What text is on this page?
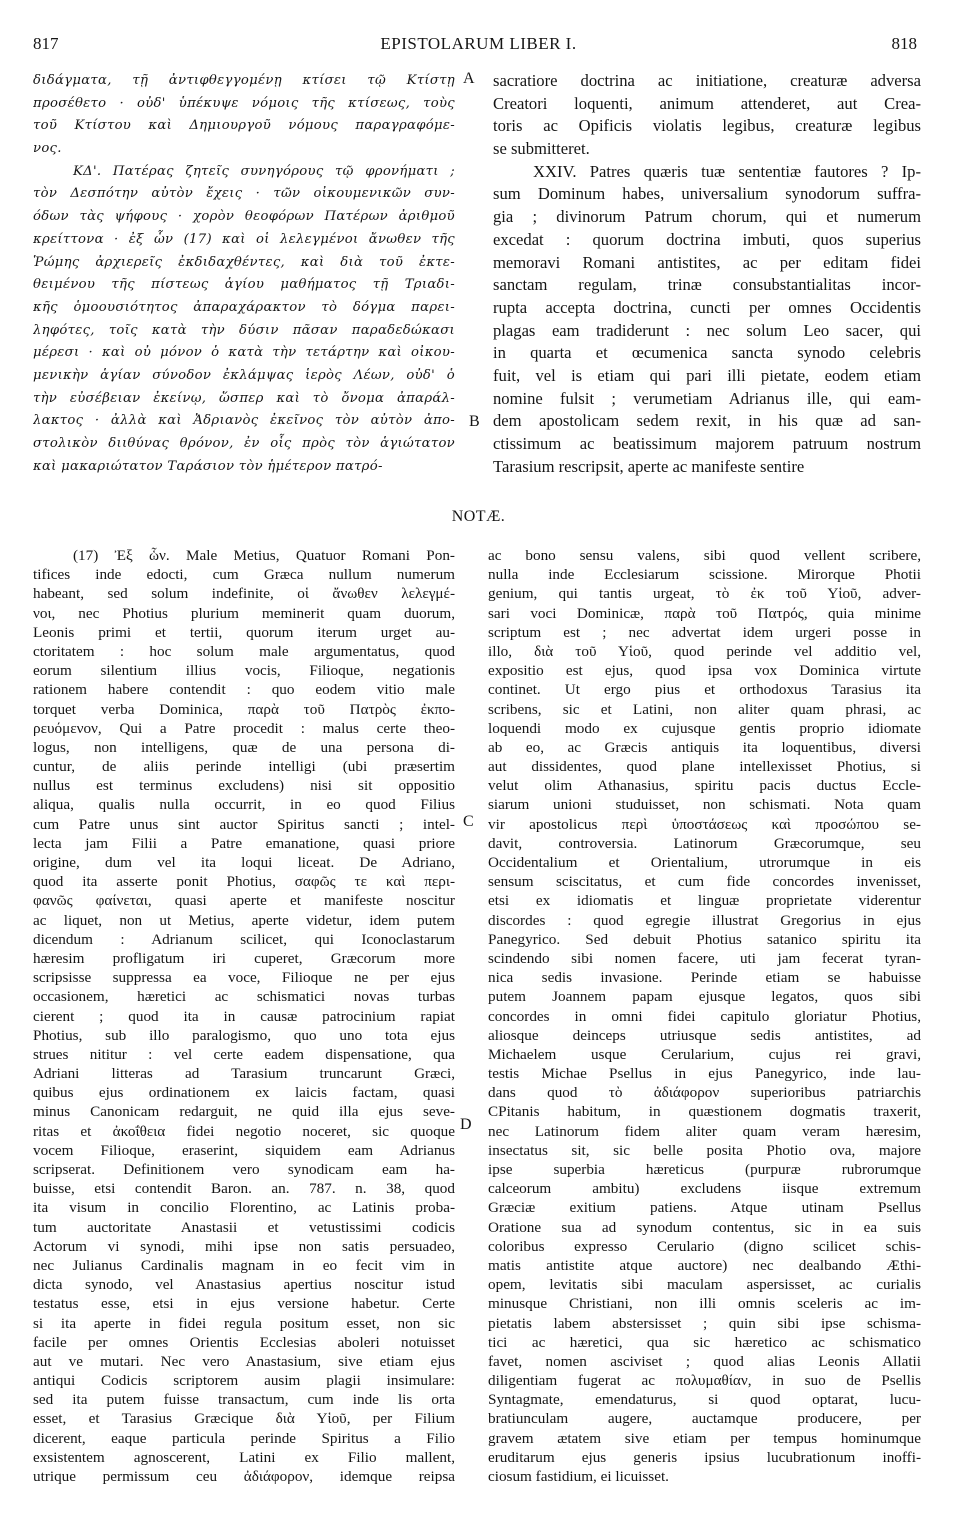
817	EPISTOLARUM LIBER I.	818
διδάγματα, τῇ ἀντιφθεγγομένῃ κτίσει τῷ Κτίστῃ
προσέθετο · οὐδ' ὑπέκυψε νόμοις τῆς κτίσεως, τοὺς
τοῦ Κτίστου καὶ Δημιουργοῦ νόμους παραγραφόμε-
νος.
ΚΔ'. Πατέρας ζητεῖς συνηγόρους τῷ φρονήματι ;
τὸν Δεσπότην αὐτὸν ἔχεις · τῶν οἰκουμενικῶν συν-
όδων τὰς ψήφους · χορὸν θεοφόρων Πατέρων ἀριθμοῦ
κρείττονα · ἐξ ὧν (17) καὶ οἱ λελεγμένοι ἄνωθεν τῆς
Ῥώμης ἀρχιερεῖς ἐκδιδαχθέντες, καὶ διὰ τοῦ ἐκτε-
θειμένου τῆς πίστεως ἁγίου μαθήματος τῇ Τριαδι-
κῆς ὁμοουσιότητος ἀπαραχάρακτον τὸ δόγμα παρει-
ληφότες, τοῖς κατὰ τὴν δύσιν πᾶσαν παραδεδώκασι
μέρεσι · καὶ οὐ μόνον ὁ κατὰ τὴν τετάρτην καὶ οἰκου-
μενικὴν ἁγίαν σύνοδον ἐκλάμψας ἱερὸς Λέων, οὐδ' ὁ
τὴν εὐσέβειαν ἐκείνῳ, ὥσπερ καὶ τὸ ὄνομα ἀπαράλ-
λακτος · ἀλλὰ καὶ Ἀδριανὸς ἐκεῖνος τὸν αὐτὸν ἀπο-
στολικὸν διιθύνας θρόνον, ἐν οἷς πρὸς τὸν ἁγιώτατον
καὶ μακαριώτατον Ταράσιον τὸν ἡμέτερον πατρό-
sacratiore doctrina ac initiatione, creaturæ adversa
Creatori loquenti, animum attenderet, aut Crea-
toris ac Opificis violatis legibus, creaturæ legibus
se submitteret.
XXIV. Patres quæris tuæ sententiæ fautores ? Ip-
sum Dominum habes, universalium synodorum suffra-
gia ; divinorum Patrum chorum, qui et numerum
excedat : quorum doctrina imbuti, quos superius
memoravi Romani antistites, ac per editam fidei
sanctam regulam, trinæ consubstantialitas incor-
rupta accepta doctrina, cuncti per omnes Occidentis
plagas eam tradiderunt : nec solum Leo sacer, qui
in quarta et œcumenica sancta synodo celebris
fuit, vel is etiam qui pari illi pietate, eodem etiam
nomine fulsit ; verumetiam Adrianus ille, qui eam-
dem apostolicam sedem rexit, in his quæ ad san-
ctissimum ac beatissimum majorem patruum nostrum
Tarasium rescripsit, aperte ac manifeste sentire
A
B
C
D
NOTÆ.
(17) Ἐξ ὧν. Male Metius, Quatuor Romani Pon-
tifices inde edocti, cum Græca nullum numerum
habeant, sed solum indefinite, οἱ ἄνωθεν λελεγμέ-
νοι, nec Photius plurium meminerit quam duorum,
Leonis primi et tertii, quorum iterum urget au-
ctoritatem : hoc solum male argumentatus, quod
eorum silentium illius vocis, Filioque, negationis
rationem habere contendit : quo eodem vitio male
torquet verba Dominica, παρὰ τοῦ Πατρὸς ἐκπο-
ρευόμενον, Qui a Patre procedit : malus certe theo-
logus, non intelligens, quæ de una persona di-
cuntur, de aliis perinde intelligi (ubi præsertim
nullus est terminus excludens) nisi sit oppositio
aliqua, qualis nulla occurrit, in eo quod Filius
cum Patre unus sint auctor Spiritus sancti ; intel-
lecta jam Filii a Patre emanatione, quasi priore
origine, dum vel ita loqui liceat. De Adriano,
quod ita asserte ponit Photius, σαφῶς τε καὶ περι-
φανῶς φαίνεται, quasi aperte et manifeste noscitur
ac liquet, non ut Metius, aperte videtur, idem putem
dicendum : Adrianum scilicet, qui Iconoclastarum
hæresim profligatum iri cuperet, Græcorum more
scripsisse suppressa ea voce, Filioque ne per ejus
occasionem, hæretici ac schismatici novas turbas
cierent ; quod ita in causæ patrocinium rapiat
Photius, sub illo paralogismo, quo uno tota ejus
strues nititur : vel certe eadem dispensatione, qua
Adriani litteras ad Tarasium truncarunt Græci,
quibus ejus ordinationem ex laicis factam, quasi
minus Canonicam redarguit, ne quid illa ejus seve-
ritas et ἀκοΐθεια fidei negotio noceret, sic quoque
vocem Filioque, eraserint, siquidem eam Adrianus
scripserat. Definitionem vero synodicam eam ha-
buisse, etsi contendit Baron. an. 787. n. 38, quod
ita visum in concilio Florentino, ac Latinis proba-
tum auctoritate Anastasii et vetustissimi codicis
Actorum vi synodi, mihi ipse non satis persuadeo,
nec Julianus Cardinalis magnam in eo fecit vim in
dicta synodo, vel Anastasius apertius noscitur istud
testatus esse, etsi in ejus versione habetur. Certe
si ita aperte in fidei regula positum esset, non sic
facile per omnes Orientis Ecclesias aboleri notuisset
aut ve mutari. Nec vero Anastasium, sive etiam ejus
antiqui Codicis scriptorem ausim plagii insimulare:
sed ita putem fuisse transactum, cum inde lis orta
esset, et Tarasius Græcique διὰ Υἱοῦ, per Filium
dicerent, eaque particula perinde Spiritus a Filio
exsistentem agnoscerent, Latini ex Filio mallent,
utrique permissum ceu ἀδιάφορον, idemque reipsa
ac bono sensu valens, sibi quod vellent scribere,
nulla inde Ecclesiarum scissione. Mirorque Photii
genium, qui tantis urgeat, τὸ ἐκ τοῦ Υἱοῦ, adver-
sari voci Dominicæ, παρὰ τοῦ Πατρός, quia minime
scriptum est ; nec advertat idem urgeri posse in
illo, διὰ τοῦ Υἱοῦ, quod perinde vel additio vel,
expositio est ejus, quod ipsa vox Dominica virtute
continet. Ut ergo pius et orthodoxus Tarasius ita
scribens, sic et Latini, non aliter quam phrasi, ac
loquendi modo ex cujusque gentis proprio idiomate
ab eo, ac Græcis antiquis ita loquentibus, diversi
aut dissidentes, quod plane intellexisset Photius, si
velut olim Athanasius, spiritu pacis ductus Eccle-
siarum unioni studuisset, non schismati. Nota quam
vir apostolicus περὶ ὑποστάσεως καὶ προσώπου se-
davit, controversia. Latinorum Græcorumque, seu
Occidentalium et Orientalium, utrorumque in eis
sensum sciscitatus, et cum fide concordes invenisset,
etsi ex idiomatis et linguæ proprietate viderentur
discordes : quod egregie illustrat Gregorius in ejus
Panegyrico. Sed debuit Photius satanico spiritu ita
scindendo sibi nomen facere, uti jam fecerat tyran-
nica sedis invasione. Perinde etiam se habuisse
putem Joannem papam ejusque legatos, quos sibi
concordes in omni fidei capitulo gloriatur Photius,
aliosque deinceps utriusque sedis antistites, ad
Michaelem usque Cerularium, cujus rei gravi,
testis Michae Psellus in ejus Panegyrico, inde lau-
dans quod τὸ ἀδιάφορον superioribus patriarchis
CPitanis habitum, in quæstionem dogmatis traxerit,
nec Latinorum fidem aliter quam veram hæresim,
insectatus sit, sic belle posita Photio ova, majore
ipse superbia hæreticus (purpuræ rubrorumque
calceorum ambitu) excludens iisque extremum
Græciæ exitium patiens. Atque utinam Psellus
Oratione sua ad synodum contentus, sic in ea suis
coloribus expresso Cerulario (digno scilicet schis-
matis antistite atque auctore) nec dealbando Æthi-
opem, levitatis sibi maculam aspersisset, ac curialis
minusque Christiani, non illi omnis sceleris ac im-
pietatis labem abstersisset ; quin sibi ipse schisma-
tici ac hæretici, qua sic hæretico ac schismatico
favet, nomen asciviset ; quod alias Leonis Allatii
diligentiam fugerat ac πολυμαθίαν, in suo de Psellis
Syntagmate, emendaturus, si quod optarat, lucu-
bratiunculam augere, auctamque producere, per
gravem ætatem sive etiam per tempus hominumque
eruditarum ejus generis ipsius lucubrationum inoffi-
ciosum fastidium, ei licuisset.
